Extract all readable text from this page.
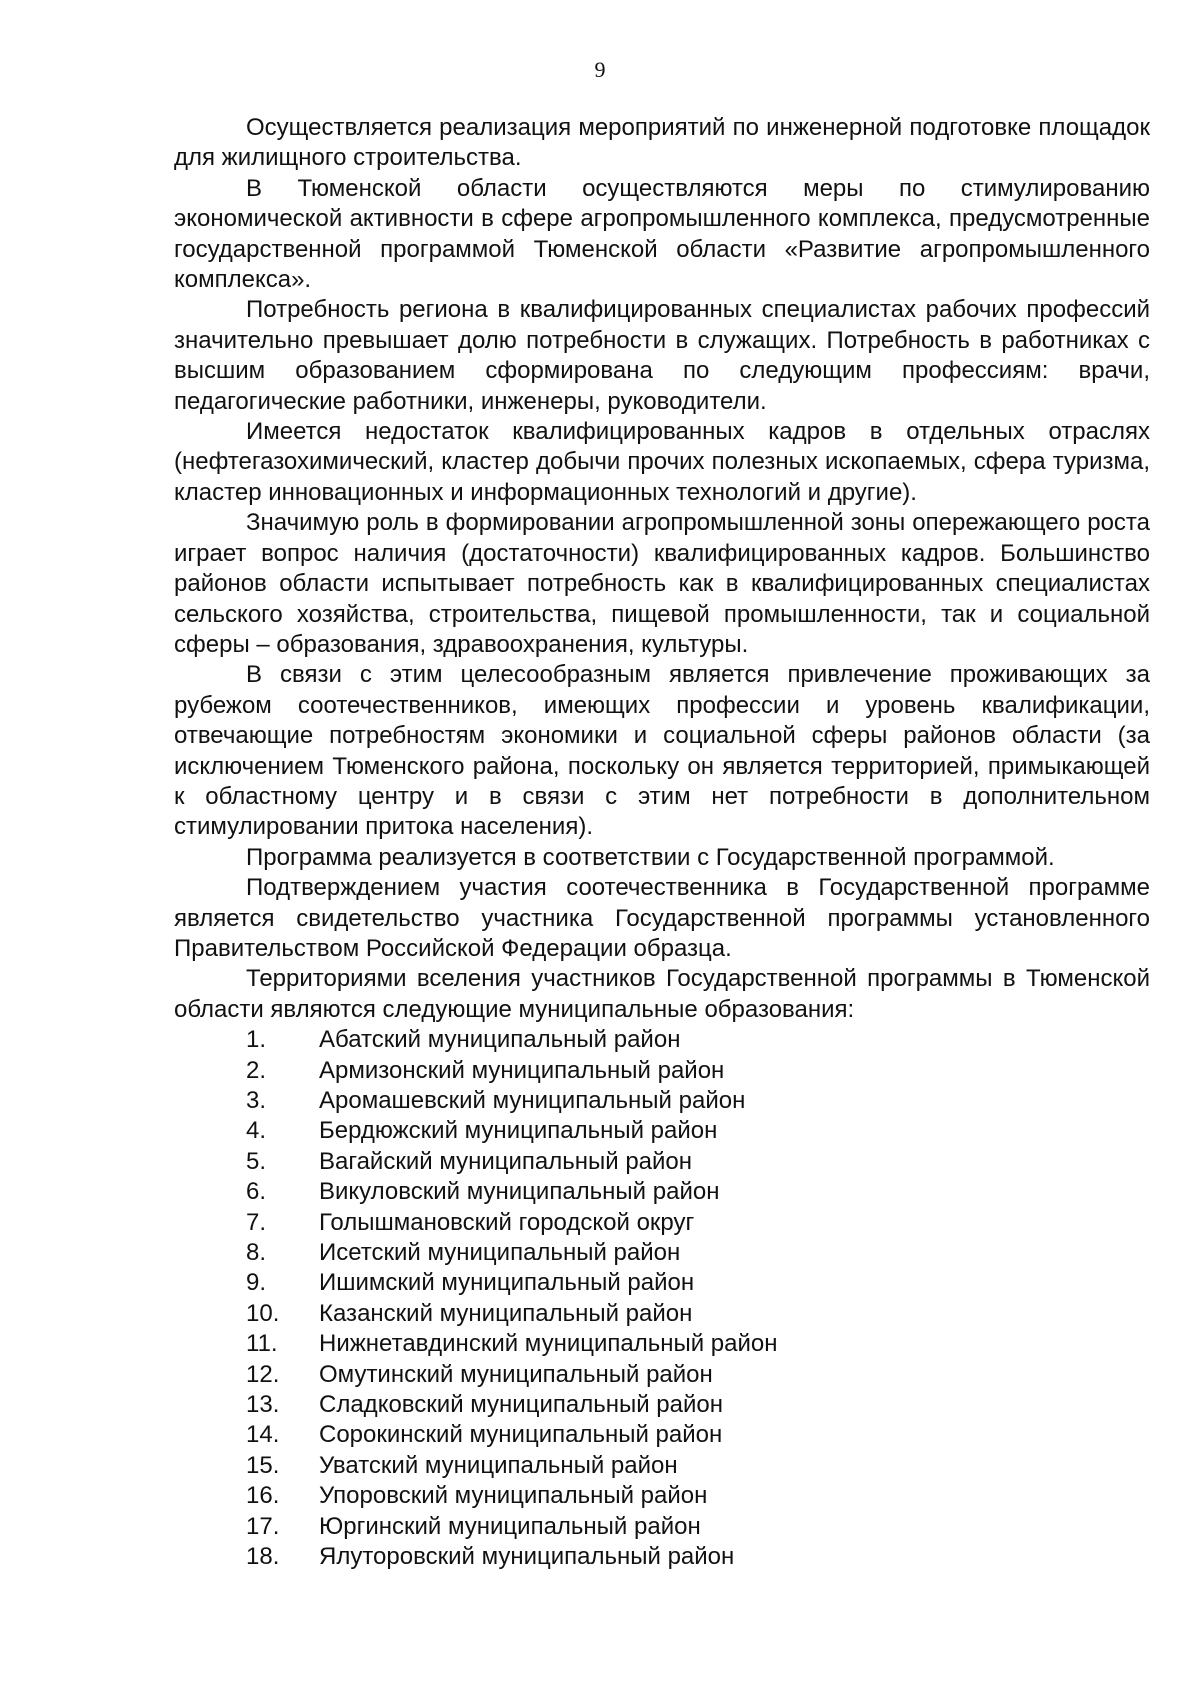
9

Осуществляется реализация мероприятий по инженерной подготовке площадок для жилищного строительства.

В Тюменской области осуществляются меры по стимулированию экономической активности в сфере агропромышленного комплекса, предусмотренные государственной программой Тюменской области «Развитие агропромышленного комплекса».

Потребность региона в квалифицированных специалистах рабочих профессий значительно превышает долю потребности в служащих. Потребность в работниках с высшим образованием сформирована по следующим профессиям: врачи, педагогические работники, инженеры, руководители.

Имеется недостаток квалифицированных кадров в отдельных отраслях (нефтегазохимический, кластер добычи прочих полезных ископаемых, сфера туризма, кластер инновационных и информационных технологий и другие).

Значимую роль в формировании агропромышленной зоны опережающего роста играет вопрос наличия (достаточности) квалифицированных кадров. Большинство районов области испытывает потребность как в квалифицированных специалистах сельского хозяйства, строительства, пищевой промышленности, так и социальной сферы – образования, здравоохранения, культуры.

В связи с этим целесообразным является привлечение проживающих за рубежом соотечественников, имеющих профессии и уровень квалификации, отвечающие потребностям экономики и социальной сферы районов области (за исключением Тюменского района, поскольку он является территорией, примыкающей к областному центру и в связи с этим нет потребности в дополнительном стимулировании притока населения).

Программа реализуется в соответствии с Государственной программой.

Подтверждением участия соотечественника в Государственной программе является свидетельство участника Государственной программы установленного Правительством Российской Федерации образца.

Территориями вселения участников Государственной программы в Тюменской области являются следующие муниципальные образования:

1.	Абатский муниципальный район
2.	Армизонский муниципальный район
3.	Аромашевский муниципальный район
4.	Бердюжский муниципальный район
5.	Вагайский муниципальный район
6.	Викуловский муниципальный район
7.	Голышмановский городской округ
8.	Исетский муниципальный район
9.	Ишимский муниципальный район
10.	Казанский муниципальный район
11.	Нижнетавдинский муниципальный район
12.	Омутинский муниципальный район
13.	Сладковский муниципальный район
14.	Сорокинский муниципальный район
15.	Уватский муниципальный район
16.	Упоровский муниципальный район
17.	Юргинский муниципальный район
18.	Ялуторовский муниципальный район
